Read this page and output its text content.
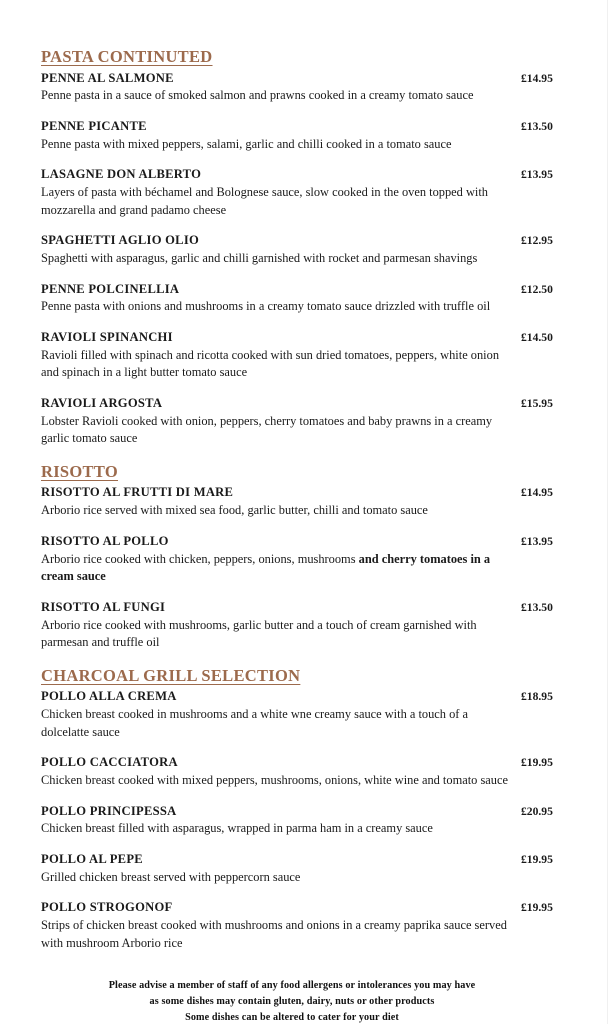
PASTA CONTINUTED
PENNE AL SALMONE	£14.95
Penne pasta in a sauce of smoked salmon and prawns cooked in a creamy tomato sauce
PENNE PICANTE	£13.50
Penne pasta with mixed peppers, salami, garlic and chilli cooked in a tomato sauce
LASAGNE DON ALBERTO	£13.95
Layers of pasta with béchamel and Bolognese sauce, slow cooked in the oven topped with mozzarella and grand padamo cheese
SPAGHETTI AGLIO OLIO	£12.95
Spaghetti with asparagus, garlic and chilli garnished with rocket and parmesan shavings
PENNE POLCINELLIA	£12.50
Penne pasta with onions and mushrooms in a creamy tomato sauce drizzled with truffle oil
RAVIOLI SPINANCHI	£14.50
Ravioli filled with spinach and ricotta cooked with sun dried tomatoes, peppers, white onion and spinach in a light butter tomato sauce
RAVIOLI ARGOSTA	£15.95
Lobster Ravioli cooked with onion, peppers, cherry tomatoes and baby prawns in a creamy garlic tomato sauce
RISOTTO
RISOTTO AL FRUTTI DI MARE	£14.95
Arborio rice served with mixed sea food, garlic butter, chilli and tomato sauce
RISOTTO AL POLLO	£13.95
Arborio rice cooked with chicken, peppers, onions, mushrooms and cherry tomatoes in a cream sauce
RISOTTO AL FUNGI	£13.50
Arborio rice cooked with mushrooms, garlic butter and a touch of cream garnished with parmesan and truffle oil
CHARCOAL GRILL SELECTION
POLLO ALLA CREMA	£18.95
Chicken breast cooked in mushrooms and a white wne creamy sauce with a touch of a dolcelatte sauce
POLLO CACCIATORA	£19.95
Chicken breast cooked with mixed peppers, mushrooms, onions, white wine and tomato sauce
POLLO PRINCIPESSA	£20.95
Chicken breast filled with asparagus, wrapped in parma ham in a creamy sauce
POLLO AL PEPE	£19.95
Grilled chicken breast served with peppercorn sauce
POLLO STROGONOF	£19.95
Strips of chicken breast cooked with mushrooms and onions in a creamy paprika sauce served with mushroom Arborio rice
Please advise a member of staff of any food allergens or intolerances you may have
as some dishes may contain gluten, dairy, nuts or other products
Some dishes can be altered to cater for your diet
